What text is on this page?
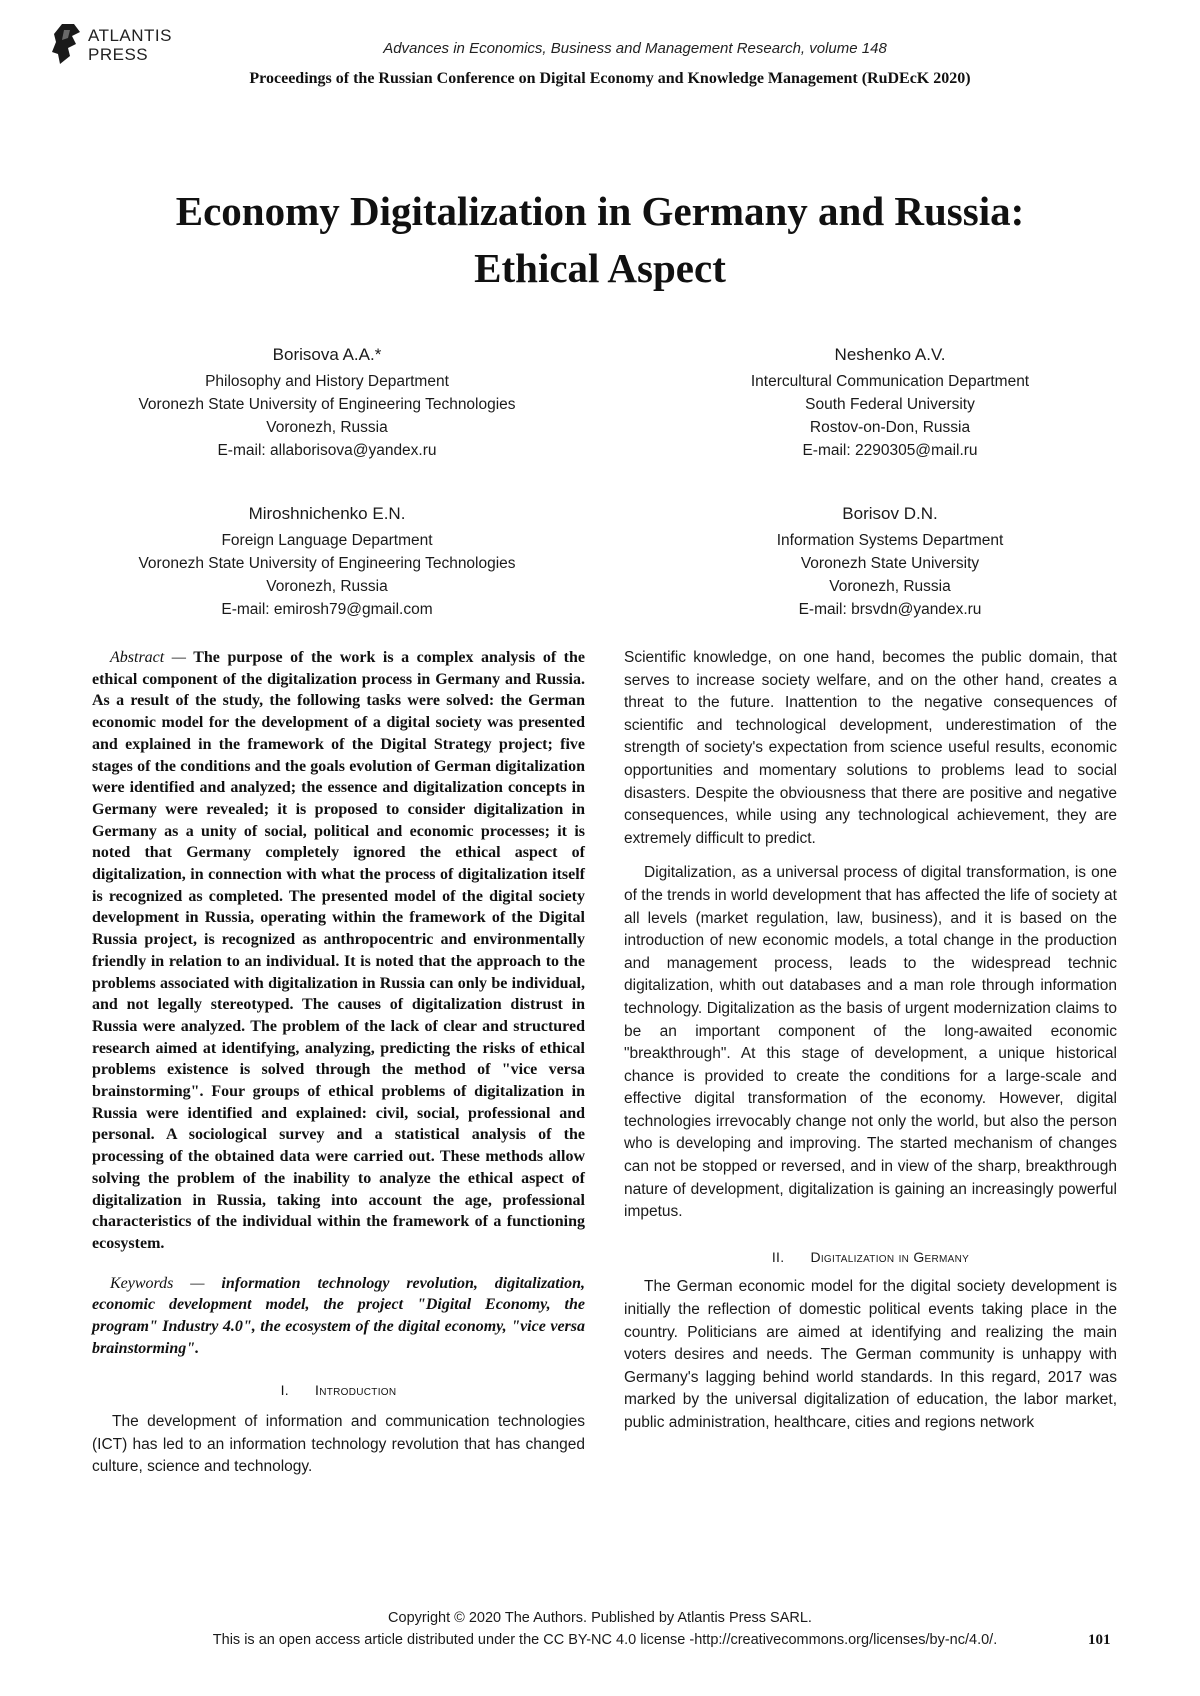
ATLANTIS
PRESS	Advances in Economics, Business and Management Research, volume 148
Proceedings of the Russian Conference on Digital Economy and Knowledge Management (RuDEcK 2020)
Economy Digitalization in Germany and Russia:
Ethical Aspect
Borisova A.A.*
Philosophy and History Department
Voronezh State University of Engineering Technologies
Voronezh, Russia
E-mail: allaborisova@yandex.ru
Neshenko A.V.
Intercultural Communication Department
South Federal University
Rostov-on-Don, Russia
E-mail: 2290305@mail.ru
Miroshnichenko E.N.
Foreign Language Department
Voronezh State University of Engineering Technologies
Voronezh, Russia
E-mail: emirosh79@gmail.com
Borisov D.N.
Information Systems Department
Voronezh State University
Voronezh, Russia
E-mail: brsvdn@yandex.ru

Abstract — The purpose of the work is a complex analysis of the ethical component of the digitalization process in Germany and Russia. As a result of the study, the following tasks were solved: the German economic model for the development of a digital society was presented and explained in the framework of the Digital Strategy project; five stages of the conditions and the goals evolution of German digitalization were identified and analyzed; the essence and digitalization concepts in Germany were revealed; it is proposed to consider digitalization in Germany as a unity of social, political and economic processes; it is noted that Germany completely ignored the ethical aspect of digitalization, in connection with what the process of digitalization itself is recognized as completed. The presented model of the digital society development in Russia, operating within the framework of the Digital Russia project, is recognized as anthropocentric and environmentally friendly in relation to an individual. It is noted that the approach to the problems associated with digitalization in Russia can only be individual, and not legally stereotyped. The causes of digitalization distrust in Russia were analyzed. The problem of the lack of clear and structured research aimed at identifying, analyzing, predicting the risks of ethical problems existence is solved through the method of "vice versa brainstorming". Four groups of ethical problems of digitalization in Russia were identified and explained: civil, social, professional and personal. A sociological survey and a statistical analysis of the processing of the obtained data were carried out. These methods allow solving the problem of the inability to analyze the ethical aspect of digitalization in Russia, taking into account the age, professional characteristics of the individual within the framework of a functioning ecosystem.

Keywords — information technology revolution, digitalization, economic development model, the project "Digital Economy, the program" Industry 4.0", the ecosystem of the digital economy, "vice versa brainstorming".

I. Introduction

The development of information and communication technologies (ICT) has led to an information technology revolution that has changed culture, science and technology.

Scientific knowledge, on one hand, becomes the public domain, that serves to increase society welfare, and on the other hand, creates a threat to the future. Inattention to the negative consequences of scientific and technological development, underestimation of the strength of society's expectation from science useful results, economic opportunities and momentary solutions to problems lead to social disasters. Despite the obviousness that there are positive and negative consequences, while using any technological achievement, they are extremely difficult to predict.

Digitalization, as a universal process of digital transformation, is one of the trends in world development that has affected the life of society at all levels (market regulation, law, business), and it is based on the introduction of new economic models, a total change in the production and management process, leads to the widespread technic digitalization, whith out databases and a man role through information technology. Digitalization as the basis of urgent modernization claims to be an important component of the long-awaited economic "breakthrough". At this stage of development, a unique historical chance is provided to create the conditions for a large-scale and effective digital transformation of the economy. However, digital technologies irrevocably change not only the world, but also the person who is developing and improving. The started mechanism of changes can not be stopped or reversed, and in view of the sharp, breakthrough nature of development, digitalization is gaining an increasingly powerful impetus.

II. Digitalization in Germany

The German economic model for the digital society development is initially the reflection of domestic political events taking place in the country. Politicians are aimed at identifying and realizing the main voters desires and needs. The German community is unhappy with Germany's lagging behind world standards. In this regard, 2017 was marked by the universal digitalization of education, the labor market, public administration, healthcare, cities and regions network

Copyright © 2020 The Authors. Published by Atlantis Press SARL.
This is an open access article distributed under the CC BY-NC 4.0 license -http://creativecommons.org/licenses/by-nc/4.0/.	101
